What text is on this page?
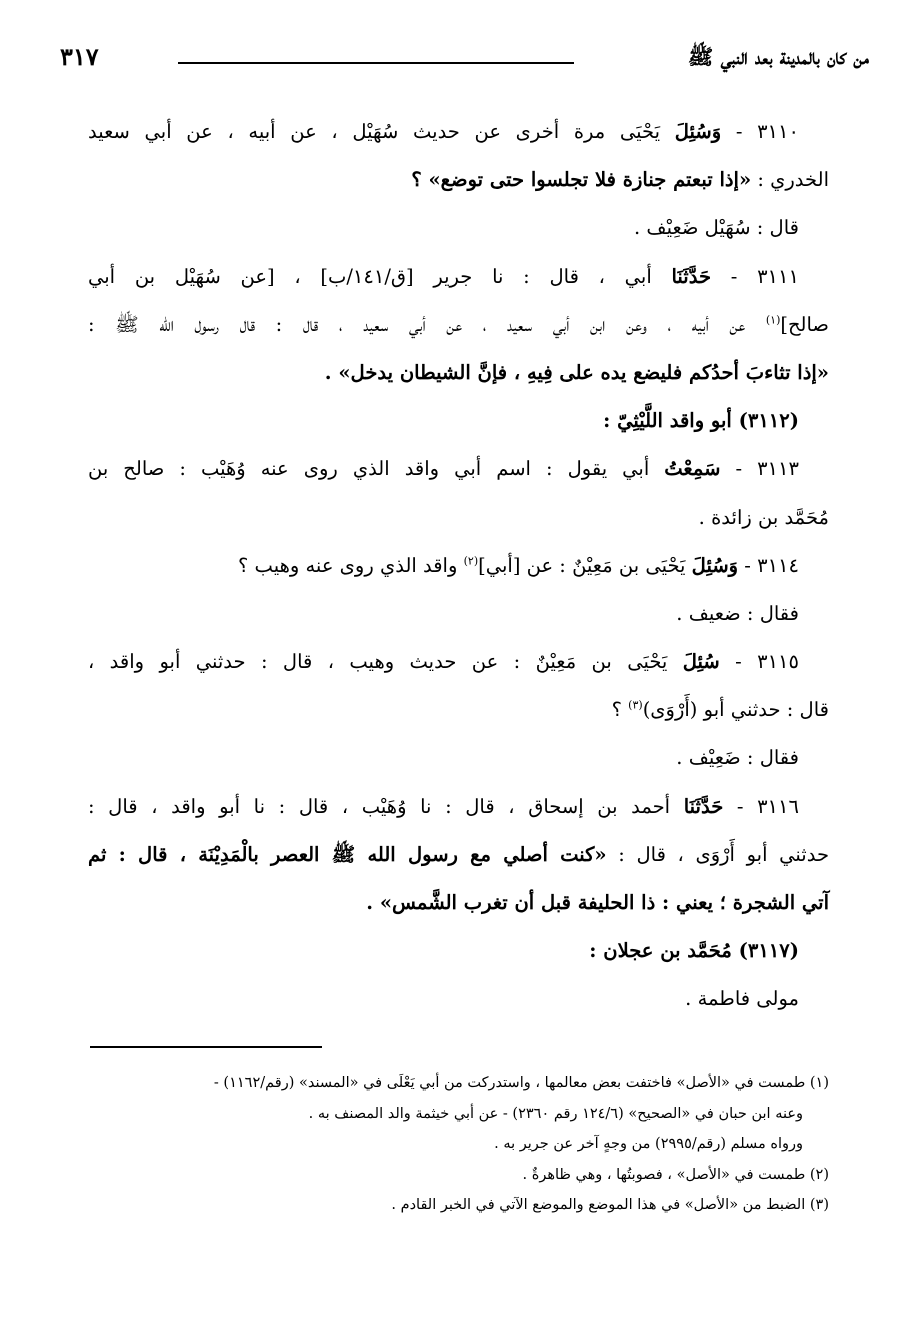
من كان بالمدينة بعد النبي ﷺ
٣١٧
٣١١٠ - وَسُئِلَ يَحْيَى مرة أخرى عن حديث سُهَيْل ، عن أبيه ، عن أبي سعيد
الخدري : «إذا تبعتم جنازة فلا تجلسوا حتى توضع» ؟
قال : سُهَيْل ضَعِيْف .
٣١١١ - حَدَّثَنَا أبي ، قال : نا جرير [ق/١٤١/ب] ، [عن سُهَيْل بن أبي
صالح]$^{(١)}$ عن أبيه ، وعن ابن أبي سعيد ، عن أبي سعيد ، قال : قال رسول الله ﷺ :
«إذا تثاءبَ أحدُكم فليضع يده على فِيهِ ، فإنَّ الشيطان يدخل» .
(٣١١٢) أبو واقد اللَّيْثِيّ :
٣١١٣ - سَمِعْتُ أبي يقول : اسم أبي واقد الذي روى عنه وُهَيْب : صالح بن
مُحَمَّد بن زائدة .
٣١١٤ - وَسُئِلَ يَحْيَى بن مَعِيْنٌ : عن [أبي]$^{(٢)}$ واقد الذي روى عنه وهيب ؟
فقال : ضعيف .
٣١١٥ - سُئِلَ يَحْيَى بن مَعِيْنٌ : عن حديث وهيب ، قال : حدثني أبو واقد ،
قال : حدثني أبو (أَرْوَى)$^{(٣)}$ ؟
فقال : ضَعِيْف .
٣١١٦ - حَدَّثَنَا أحمد بن إسحاق ، قال : نا وُهَيْب ، قال : نا أبو واقد ، قال :
حدثني أبو أَرْوَى ، قال : «كنت أصلي مع رسول الله ﷺ العصر بالْمَدِيْنَة ، قال : ثم
آتي الشجرة ؛ يعني : ذا الحليفة قبل أن تغرب الشَّمس» .
(٣١١٧) مُحَمَّد بن عجلان :
مولى فاطمة .
(١) طمست في «الأصل» فاختفت بعض معالمها ، واستدركت من أبي يَعْلَى في «المسند» (رقم/١١٦٢) -
وعنه ابن حبان في «الصحيح» (١٢٤/٦ رقم ٢٣٦٠) - عن أبي خيثمة والد المصنف به .
ورواه مسلم (رقم/٢٩٩٥) من وجهٍ آخر عن جرير به .
(٢) طمست في «الأصل» ، فصوبتُها ، وهي ظاهرةٌ .
(٣) الضبط من «الأصل» في هذا الموضع والموضع الآتي في الخبر القادم .
